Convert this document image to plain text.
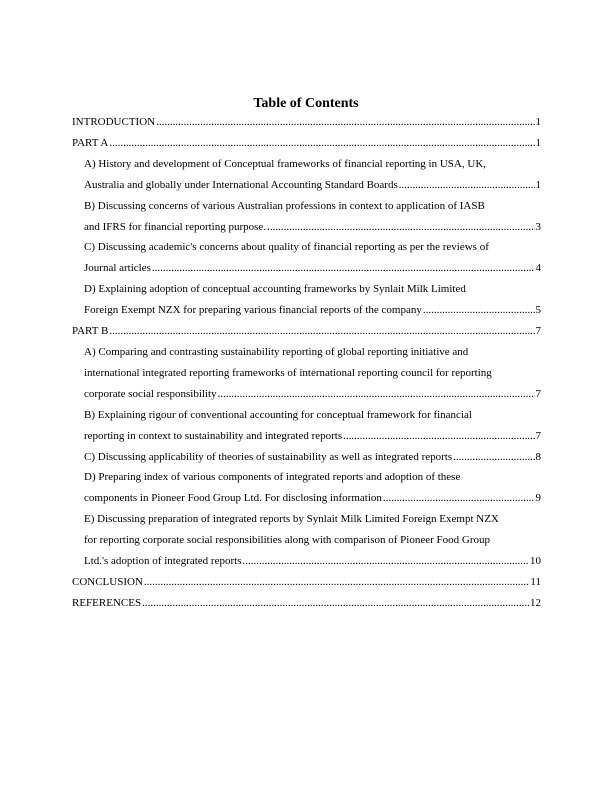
Table of Contents
INTRODUCTION .....	1
PART A .....	1
A) History and development of Conceptual frameworks of financial reporting in USA, UK,
Australia and globally under International Accounting Standard Boards .....	1
B) Discussing concerns of various Australian professions in context to application of IASB
and IFRS for financial reporting purpose. .....	3
C) Discussing academic's concerns about quality of financial reporting as per the reviews of
Journal articles .....	4
D) Explaining adoption of conceptual accounting frameworks by Synlait Milk Limited
Foreign Exempt NZX for preparing various financial reports of the company .....	5
PART B .....	7
A) Comparing and contrasting sustainability reporting of global reporting initiative and
international integrated reporting frameworks of international reporting council for reporting
corporate social responsibility .....	7
B) Explaining rigour of conventional accounting for conceptual framework for financial
reporting in context to sustainability and integrated reports .....	7
C) Discussing applicability of theories of sustainability as well as integrated reports .....	8
D) Preparing index of various components of integrated reports and adoption of these
components in Pioneer Food Group Ltd. For disclosing information .....	9
E) Discussing preparation of integrated reports by Synlait Milk Limited Foreign Exempt NZX
for reporting corporate social responsibilities along with comparison of Pioneer Food Group
Ltd.'s adoption of integrated reports .....	10
CONCLUSION .....	11
REFERENCES .....	12
